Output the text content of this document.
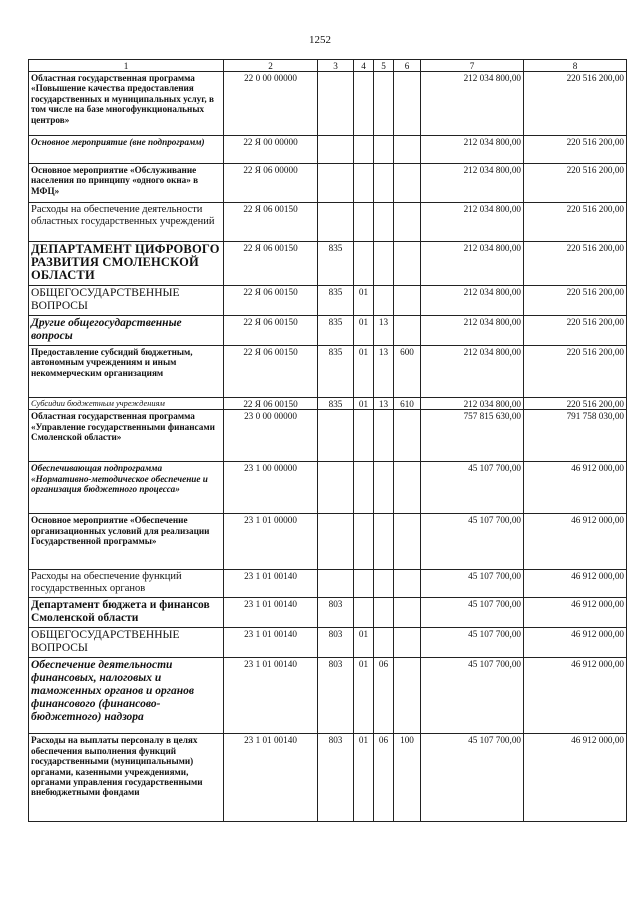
1252
1	2	3	4	5	6	7	8
Областная государственная программа «Повышение качества предоставления государственных и муниципальных услуг, в том числе на базе многофункциональных центров»	22 0 00 00000					212 034 800,00	220 516 200,00
Основное мероприятие (вне подпрограмм)	22 Я 00 00000					212 034 800,00	220 516 200,00
Основное мероприятие «Обслуживание населения по принципу «одного окна» в МФЦ»	22 Я 06 00000					212 034 800,00	220 516 200,00
Расходы на обеспечение деятельности областных государственных учреждений	22 Я 06 00150					212 034 800,00	220 516 200,00
ДЕПАРТАМЕНТ ЦИФРОВОГО РАЗВИТИЯ СМОЛЕНСКОЙ ОБЛАСТИ	22 Я 06 00150	835				212 034 800,00	220 516 200,00
ОБЩЕГОСУДАРСТВЕННЫЕ ВОПРОСЫ	22 Я 06 00150	835	01			212 034 800,00	220 516 200,00
Другие общегосударственные вопросы	22 Я 06 00150	835	01	13		212 034 800,00	220 516 200,00
Предоставление субсидий бюджетным, автономным учреждениям и иным некоммерческим организациям	22 Я 06 00150	835	01	13	600	212 034 800,00	220 516 200,00
Субсидии бюджетным учреждениям	22 Я 06 00150	835	01	13	610	212 034 800,00	220 516 200,00
Областная государственная программа «Управление государственными финансами Смоленской области»	23 0 00 00000					757 815 630,00	791 758 030,00
Обеспечивающая подпрограмма «Нормативно-методическое обеспечение и организация бюджетного процесса»	23 1 00 00000					45 107 700,00	46 912 000,00
Основное мероприятие «Обеспечение организационных условий для реализации Государственной программы»	23 1 01 00000					45 107 700,00	46 912 000,00
Расходы на обеспечение функций государственных органов	23 1 01 00140					45 107 700,00	46 912 000,00
Департамент бюджета и финансов Смоленской области	23 1 01 00140	803				45 107 700,00	46 912 000,00
ОБЩЕГОСУДАРСТВЕННЫЕ ВОПРОСЫ	23 1 01 00140	803	01			45 107 700,00	46 912 000,00
Обеспечение деятельности финансовых, налоговых и таможенных органов и органов финансового (финансово-бюджетного) надзора	23 1 01 00140	803	01	06		45 107 700,00	46 912 000,00
Расходы на выплаты персоналу в целях обеспечения выполнения функций государственными (муниципальными) органами, казенными учреждениями, органами управления государственными внебюджетными фондами	23 1 01 00140	803	01	06	100	45 107 700,00	46 912 000,00
